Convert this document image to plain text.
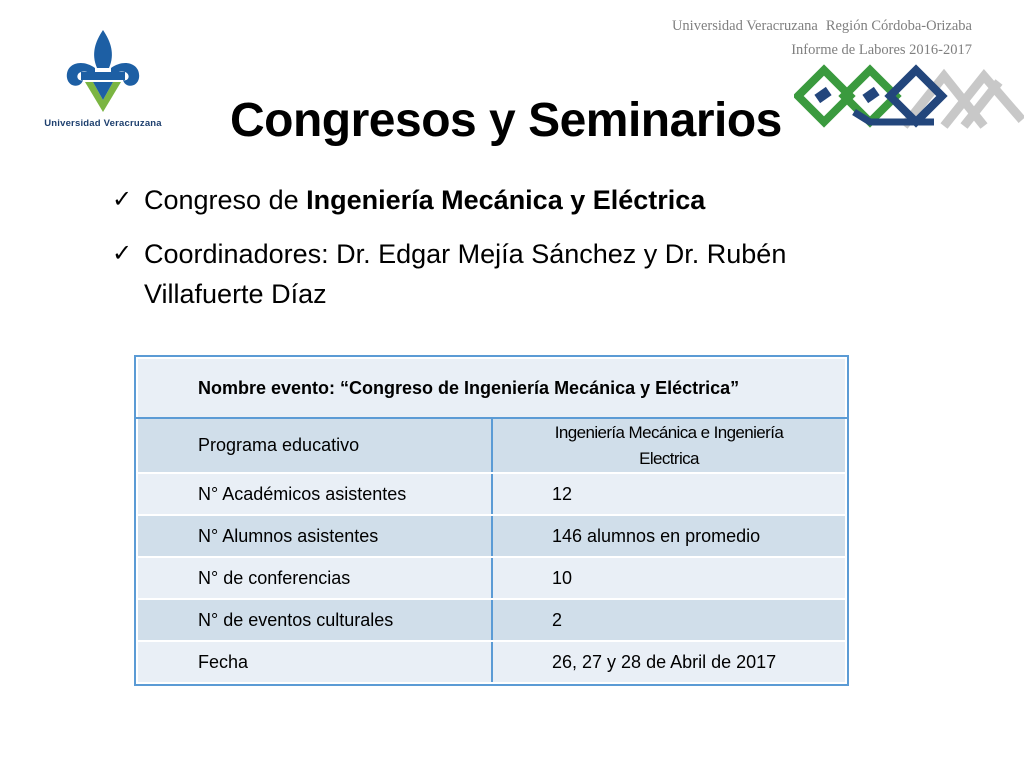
Universidad Veracruzana
Universidad Veracruzana Región Córdoba-Orizaba
Informe de Labores 2016-2017
Congresos y Seminarios
✓ Congreso de Ingeniería Mecánica y Eléctrica
✓ Coordinadores: Dr. Edgar Mejía Sánchez y Dr. Rubén
Villafuerte Díaz
Nombre evento: “Congreso de Ingeniería Mecánica y Eléctrica”	
Programa educativo	Ingeniería Mecánica e Ingeniería
Electrica
N° Académicos asistentes	12
N° Alumnos asistentes	146 alumnos en promedio
N° de conferencias	10
N° de eventos culturales	2
Fecha	26, 27 y 28 de Abril de 2017
